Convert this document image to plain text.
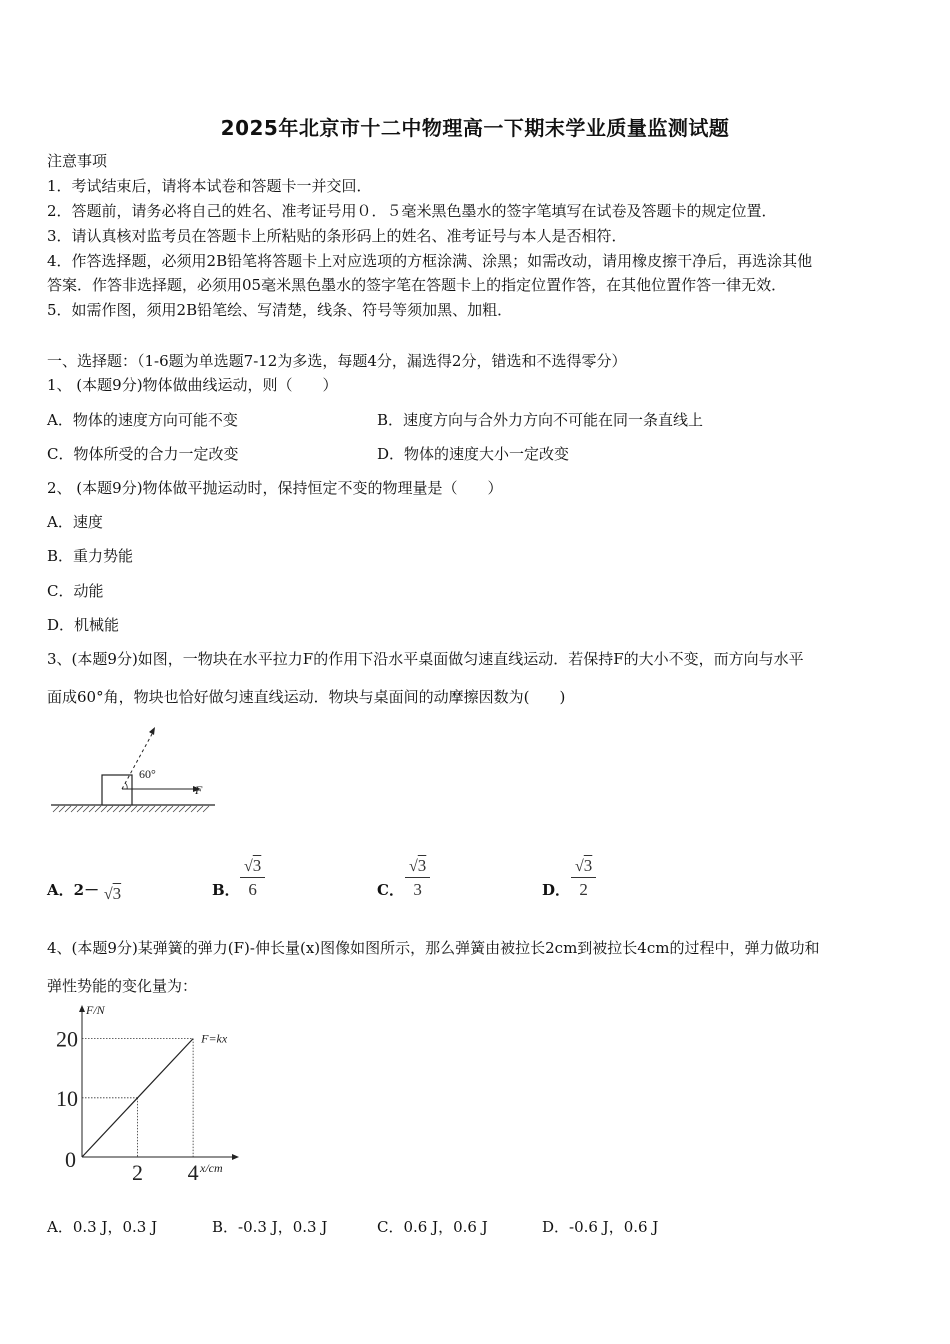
2025年北京市十二中物理高一下期末学业质量监测试题
注意事项
1．考试结束后，请将本试卷和答题卡一并交回．
2．答题前，请务必将自己的姓名、准考证号用０．５毫米黑色墨水的签字笔填写在试卷及答题卡的规定位置．
3．请认真核对监考员在答题卡上所粘贴的条形码上的姓名、准考证号与本人是否相符．
4．作答选择题，必须用2B铅笔将答题卡上对应选项的方框涂满、涂黑；如需改动，请用橡皮擦干净后，再选涂其他
答案．作答非选择题，必须用05毫米黑色墨水的签字笔在答题卡上的指定位置作答，在其他位置作答一律无效．
5．如需作图，须用2B铅笔绘、写清楚，线条、符号等须加黑、加粗．
一、选择题：（1-6题为单选题7-12为多选，每题4分，漏选得2分，错选和不选得零分）
1、 (本题9分)物体做曲线运动，则（　　）
A．物体的速度方向可能不变	B．速度方向与合外力方向不可能在同一条直线上
C．物体所受的合力一定改变	D．物体的速度大小一定改变
2、 (本题9分)物体做平抛运动时，保持恒定不变的物理量是（　　）
A．速度
B．重力势能
C．动能
D．机械能
3、(本题9分)如图，一物块在水平拉力F的作用下沿水平桌面做匀速直线运动．若保持F的大小不变，而方向与水平
面成60°角，物块也恰好做匀速直线运动．物块与桌面间的动摩擦因数为(　　)
60°
F
A．2－ √3	B． $\frac{√3}{6}$	C． $\frac{√3}{3}$	D． $\frac{√3}{2}$
4、(本题9分)某弹簧的弹力(F)-伸长量(x)图像如图所示，那么弹簧由被拉长2cm到被拉长4cm的过程中，弹力做功和
弹性势能的变化量为：
0
2 4
10
20
F/N
x/cm
F=kx
A．0.3 J，0.3 J	B．-0.3 J，0.3 J	C．0.6 J，0.6 J	D．-0.6 J，0.6 J
